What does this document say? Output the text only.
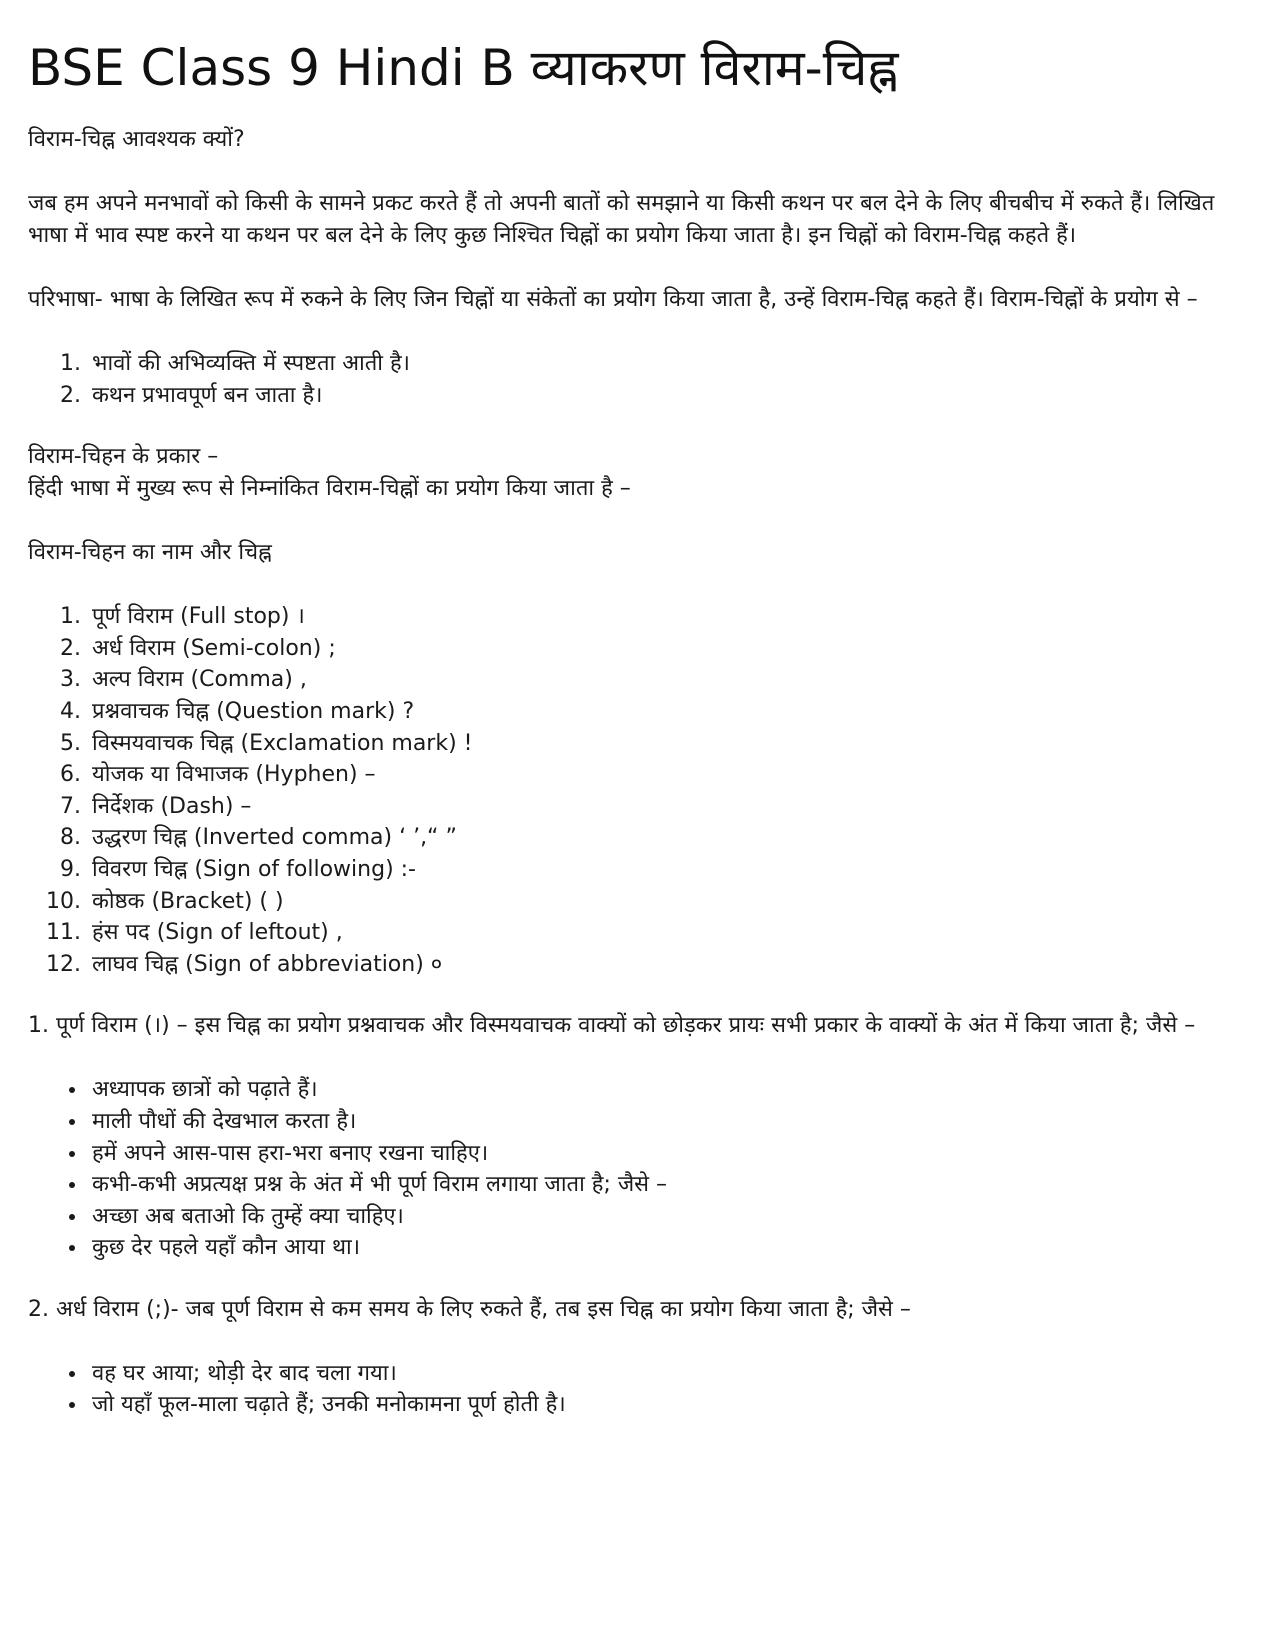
BSE Class 9 Hindi B व्याकरण विराम-चिह्न

विराम-चिह्न आवश्यक क्यों?

जब हम अपने मनभावों को किसी के सामने प्रकट करते हैं तो अपनी बातों को समझाने या किसी कथन पर बल देने के लिए बीचबीच में रुकते हैं। लिखित भाषा में भाव स्पष्ट करने या कथन पर बल देने के लिए कुछ निश्चित चिह्नों का प्रयोग किया जाता है। इन चिह्नों को विराम-चिह्न कहते हैं।

परिभाषा- भाषा के लिखित रूप में रुकने के लिए जिन चिह्नों या संकेतों का प्रयोग किया जाता है, उन्हें विराम-चिह्न कहते हैं। विराम-चिह्नों के प्रयोग से –

1. भावों की अभिव्यक्ति में स्पष्टता आती है।
2. कथन प्रभावपूर्ण बन जाता है।

विराम-चिहन के प्रकार –

हिंदी भाषा में मुख्य रूप से निम्नांकित विराम-चिह्नों का प्रयोग किया जाता है –

विराम-चिहन का नाम और चिह्न

1. पूर्ण विराम (Full stop) ।
2. अर्ध विराम (Semi-colon) ;
3. अल्प विराम (Comma) ,
4. प्रश्नवाचक चिह्न (Question mark) ?
5. विस्मयवाचक चिह्न (Exclamation mark) !
6. योजक या विभाजक (Hyphen) –
7. निर्देशक (Dash) –
8. उद्धरण चिह्न (Inverted comma) ‘ ’,“ ”
9. विवरण चिह्न (Sign of following) :-
10. कोष्ठक (Bracket) ( )
11. हंस पद (Sign of leftout) ,
12. लाघव चिह्न (Sign of abbreviation) ०

1. पूर्ण विराम (।) – इस चिह्न का प्रयोग प्रश्नवाचक और विस्मयवाचक वाक्यों को छोड़कर प्रायः सभी प्रकार के वाक्यों के अंत में किया जाता है; जैसे –

• अध्यापक छात्रों को पढ़ाते हैं।
• माली पौधों की देखभाल करता है।
• हमें अपने आस-पास हरा-भरा बनाए रखना चाहिए।
• कभी-कभी अप्रत्यक्ष प्रश्न के अंत में भी पूर्ण विराम लगाया जाता है; जैसे –
• अच्छा अब बताओ कि तुम्हें क्या चाहिए।
• कुछ देर पहले यहाँ कौन आया था।

2. अर्ध विराम (;)- जब पूर्ण विराम से कम समय के लिए रुकते हैं, तब इस चिह्न का प्रयोग किया जाता है; जैसे –

• वह घर आया; थोड़ी देर बाद चला गया।
• जो यहाँ फूल-माला चढ़ाते हैं; उनकी मनोकामना पूर्ण होती है।
